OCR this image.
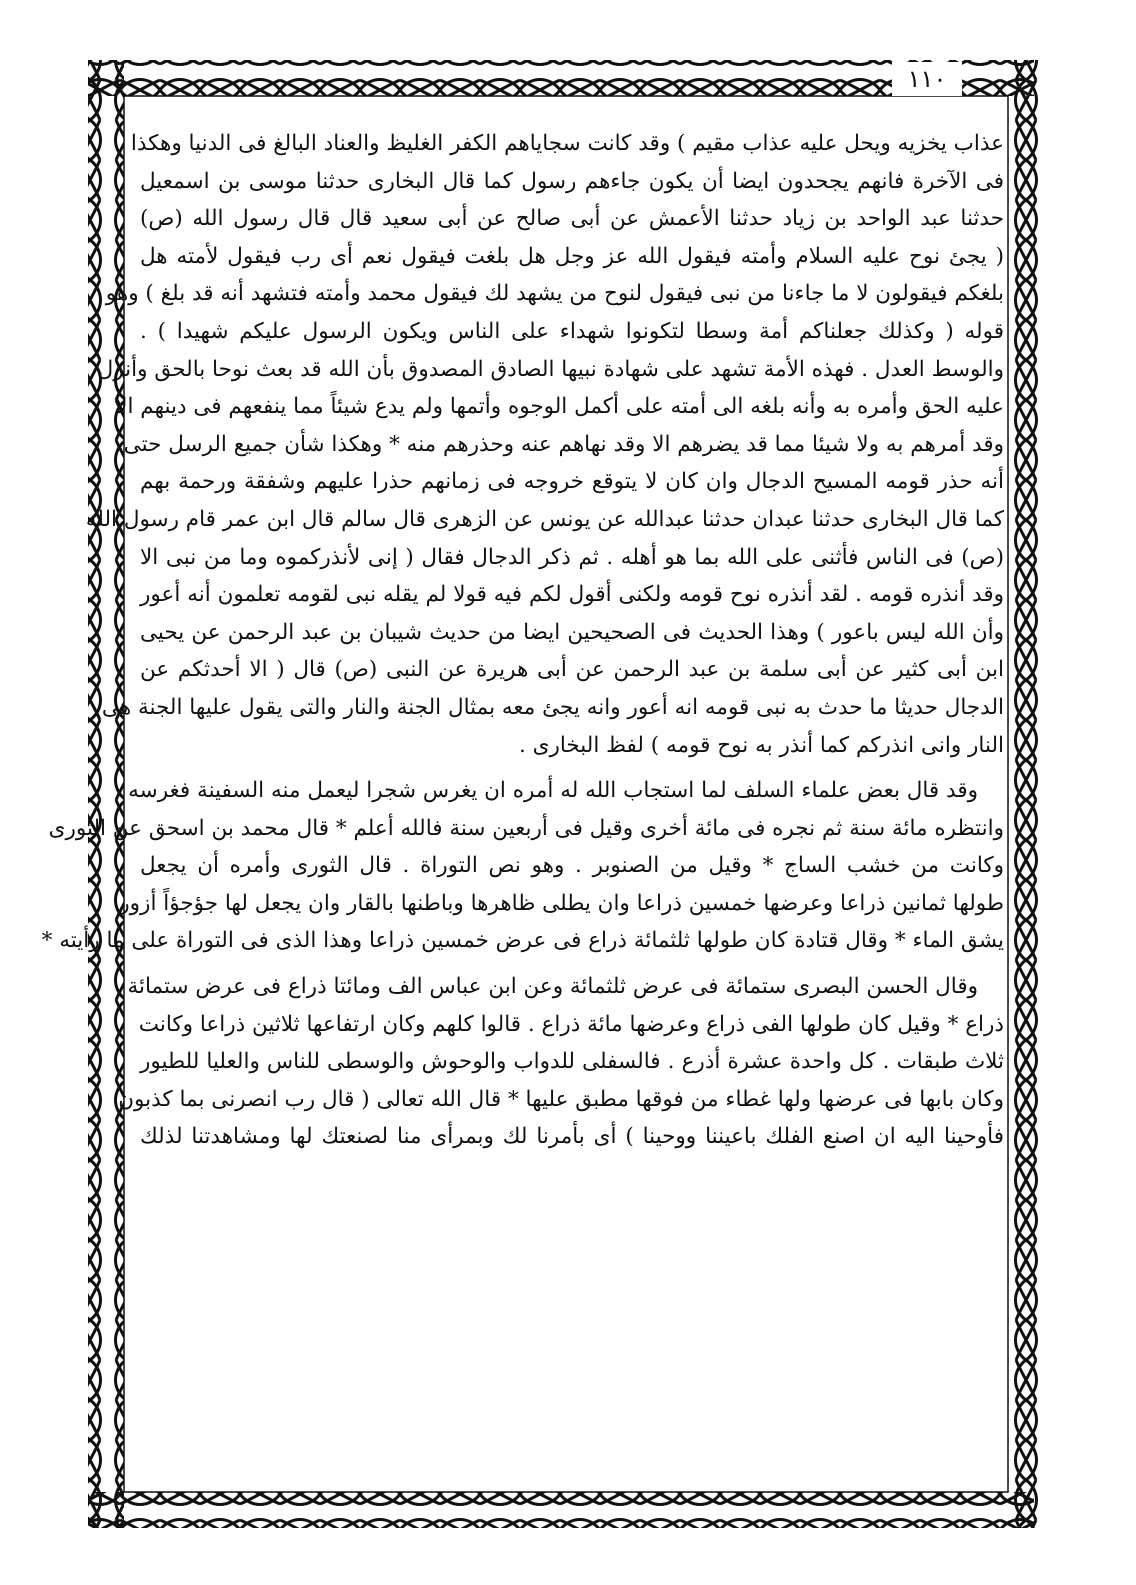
١١٠
عذاب يخزيه ويحل عليه عذاب مقيم ) وقد كانت سجاياهم الكفر الغليظ والعناد البالغ فى الدنيا وهكذا
فى الآخرة فانهم يجحدون ايضا أن يكون جاءهم رسول كما قال البخارى حدثنا موسى بن اسمعيل
حدثنا عبد الواحد بن زياد حدثنا الأعمش عن أبى صالح عن أبى سعيد قال قال رسول الله (ص)
( يجئ نوح عليه السلام وأمته فيقول الله عز وجل هل بلغت فيقول نعم أى رب فيقول لأمته هل
بلغكم فيقولون لا ما جاءنا من نبى فيقول لنوح من يشهد لك فيقول محمد وأمته فتشهد أنه قد بلغ ) وهو
قوله ( وكذلك جعلناكم أمة وسطا لتكونوا شهداء على الناس ويكون الرسول عليكم شهيدا ) .
والوسط العدل . فهذه الأمة تشهد على شهادة نبيها الصادق المصدوق بأن الله قد بعث نوحا بالحق وأنزل
عليه الحق وأمره به وأنه بلغه الى أمته على أكمل الوجوه وأتمها ولم يدع شيئاً مما ينفعهم فى دينهم الا
وقد أمرهم به ولا شيئا مما قد يضرهم الا وقد نهاهم عنه وحذرهم منه * وهكذا شأن جميع الرسل حتى
أنه حذر قومه المسيح الدجال وان كان لا يتوقع خروجه فى زمانهم حذرا عليهم وشفقة ورحمة بهم
كما قال البخارى حدثنا عبدان حدثنا عبدالله عن يونس عن الزهرى قال سالم قال ابن عمر قام رسول الله
(ص) فى الناس فأثنى على الله بما هو أهله . ثم ذكر الدجال فقال ( إنى لأنذركموه وما من نبى الا
وقد أنذره قومه . لقد أنذره نوح قومه ولكنى أقول لكم فيه قولا لم يقله نبى لقومه تعلمون أنه أعور
وأن الله ليس باعور ) وهذا الحديث فى الصحيحين ايضا من حديث شيبان بن عبد الرحمن عن يحيى
ابن أبى كثير عن أبى سلمة بن عبد الرحمن عن أبى هريرة عن النبى (ص) قال ( الا أحدثكم عن
الدجال حديثا ما حدث به نبى قومه انه أعور وانه يجئ معه بمثال الجنة والنار والتى يقول عليها الجنة هى
النار وانى انذركم كما أنذر به نوح قومه ) لفظ البخارى .
وقد قال بعض علماء السلف لما استجاب الله له أمره ان يغرس شجرا ليعمل منه السفينة فغرسه
وانتظره مائة سنة ثم نجره فى مائة أخرى وقيل فى أربعين سنة فالله أعلم * قال محمد بن اسحق عن الثورى
وكانت من خشب الساج * وقيل من الصنوبر . وهو نص التوراة . قال الثورى وأمره أن يجعل
طولها ثمانين ذراعا وعرضها خمسين ذراعا وان يطلى ظاهرها وباطنها بالقار وان يجعل لها جؤجؤاً أزور
يشق الماء * وقال قتادة كان طولها ثلثمائة ذراع فى عرض خمسين ذراعا وهذا الذى فى التوراة على ما رأيته *
وقال الحسن البصرى ستمائة فى عرض ثلثمائة وعن ابن عباس الف ومائتا ذراع فى عرض ستمائة
ذراع * وقيل كان طولها الفى ذراع وعرضها مائة ذراع . قالوا كلهم وكان ارتفاعها ثلاثين ذراعا وكانت
ثلاث طبقات . كل واحدة عشرة أذرع . فالسفلى للدواب والوحوش والوسطى للناس والعليا للطيور
وكان بابها فى عرضها ولها غطاء من فوقها مطبق عليها * قال الله تعالى ( قال رب انصرنى بما كذبون
فأوحينا اليه ان اصنع الفلك باعيننا ووحينا ) أى بأمرنا لك وبمرأى منا لصنعتك لها ومشاهدتنا لذلك
